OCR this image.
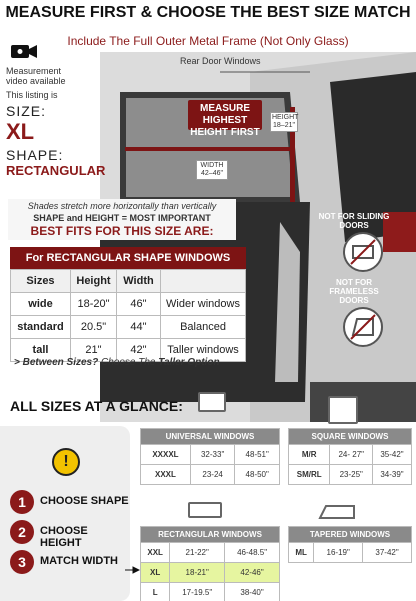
MEASURE FIRST & CHOOSE THE BEST SIZE MATCH
Include The Full Outer Metal Frame (Not Only Glass)
Rear Door Windows
MEASURE HIGHEST HEIGHT FIRST
HEIGHT
18–21"
WIDTH
42–46"
Measurement video available
This listing is
SIZE:
XL
SHAPE:
RECTANGULAR
Shades stretch more horizontally than vertically
SHAPE and HEIGHT = MOST IMPORTANT
BEST FITS FOR THIS SIZE ARE:
For RECTANGULAR SHAPE WINDOWS
Sizes	Height	Width	
wide	18-20"	46"	Wider windows
standard	20.5"	44"	Balanced
tall	21"	42"	Taller windows
> Between Sizes? Choose The Taller Option
NOT FOR SLIDING DOORS
NOT FOR FRAMELESS DOORS
ALL SIZES AT A GLANCE:
!
1	CHOOSE SHAPE
2	CHOOSE HEIGHT
3	MATCH WIDTH
UNIVERSAL WINDOWS		
XXXXL	32-33"	48-51"
XXXL	23-24	48-50"
SQUARE WINDOWS		
M/R	24- 27"	35-42"
SM/RL	23-25"	34-39"
RECTANGULAR WINDOWS		
XXL	21-22"	46-48.5"
XL	18-21"	42-46"
L	17-19.5"	38-40"
TAPERED WINDOWS
ML	16-19"	37-42"
